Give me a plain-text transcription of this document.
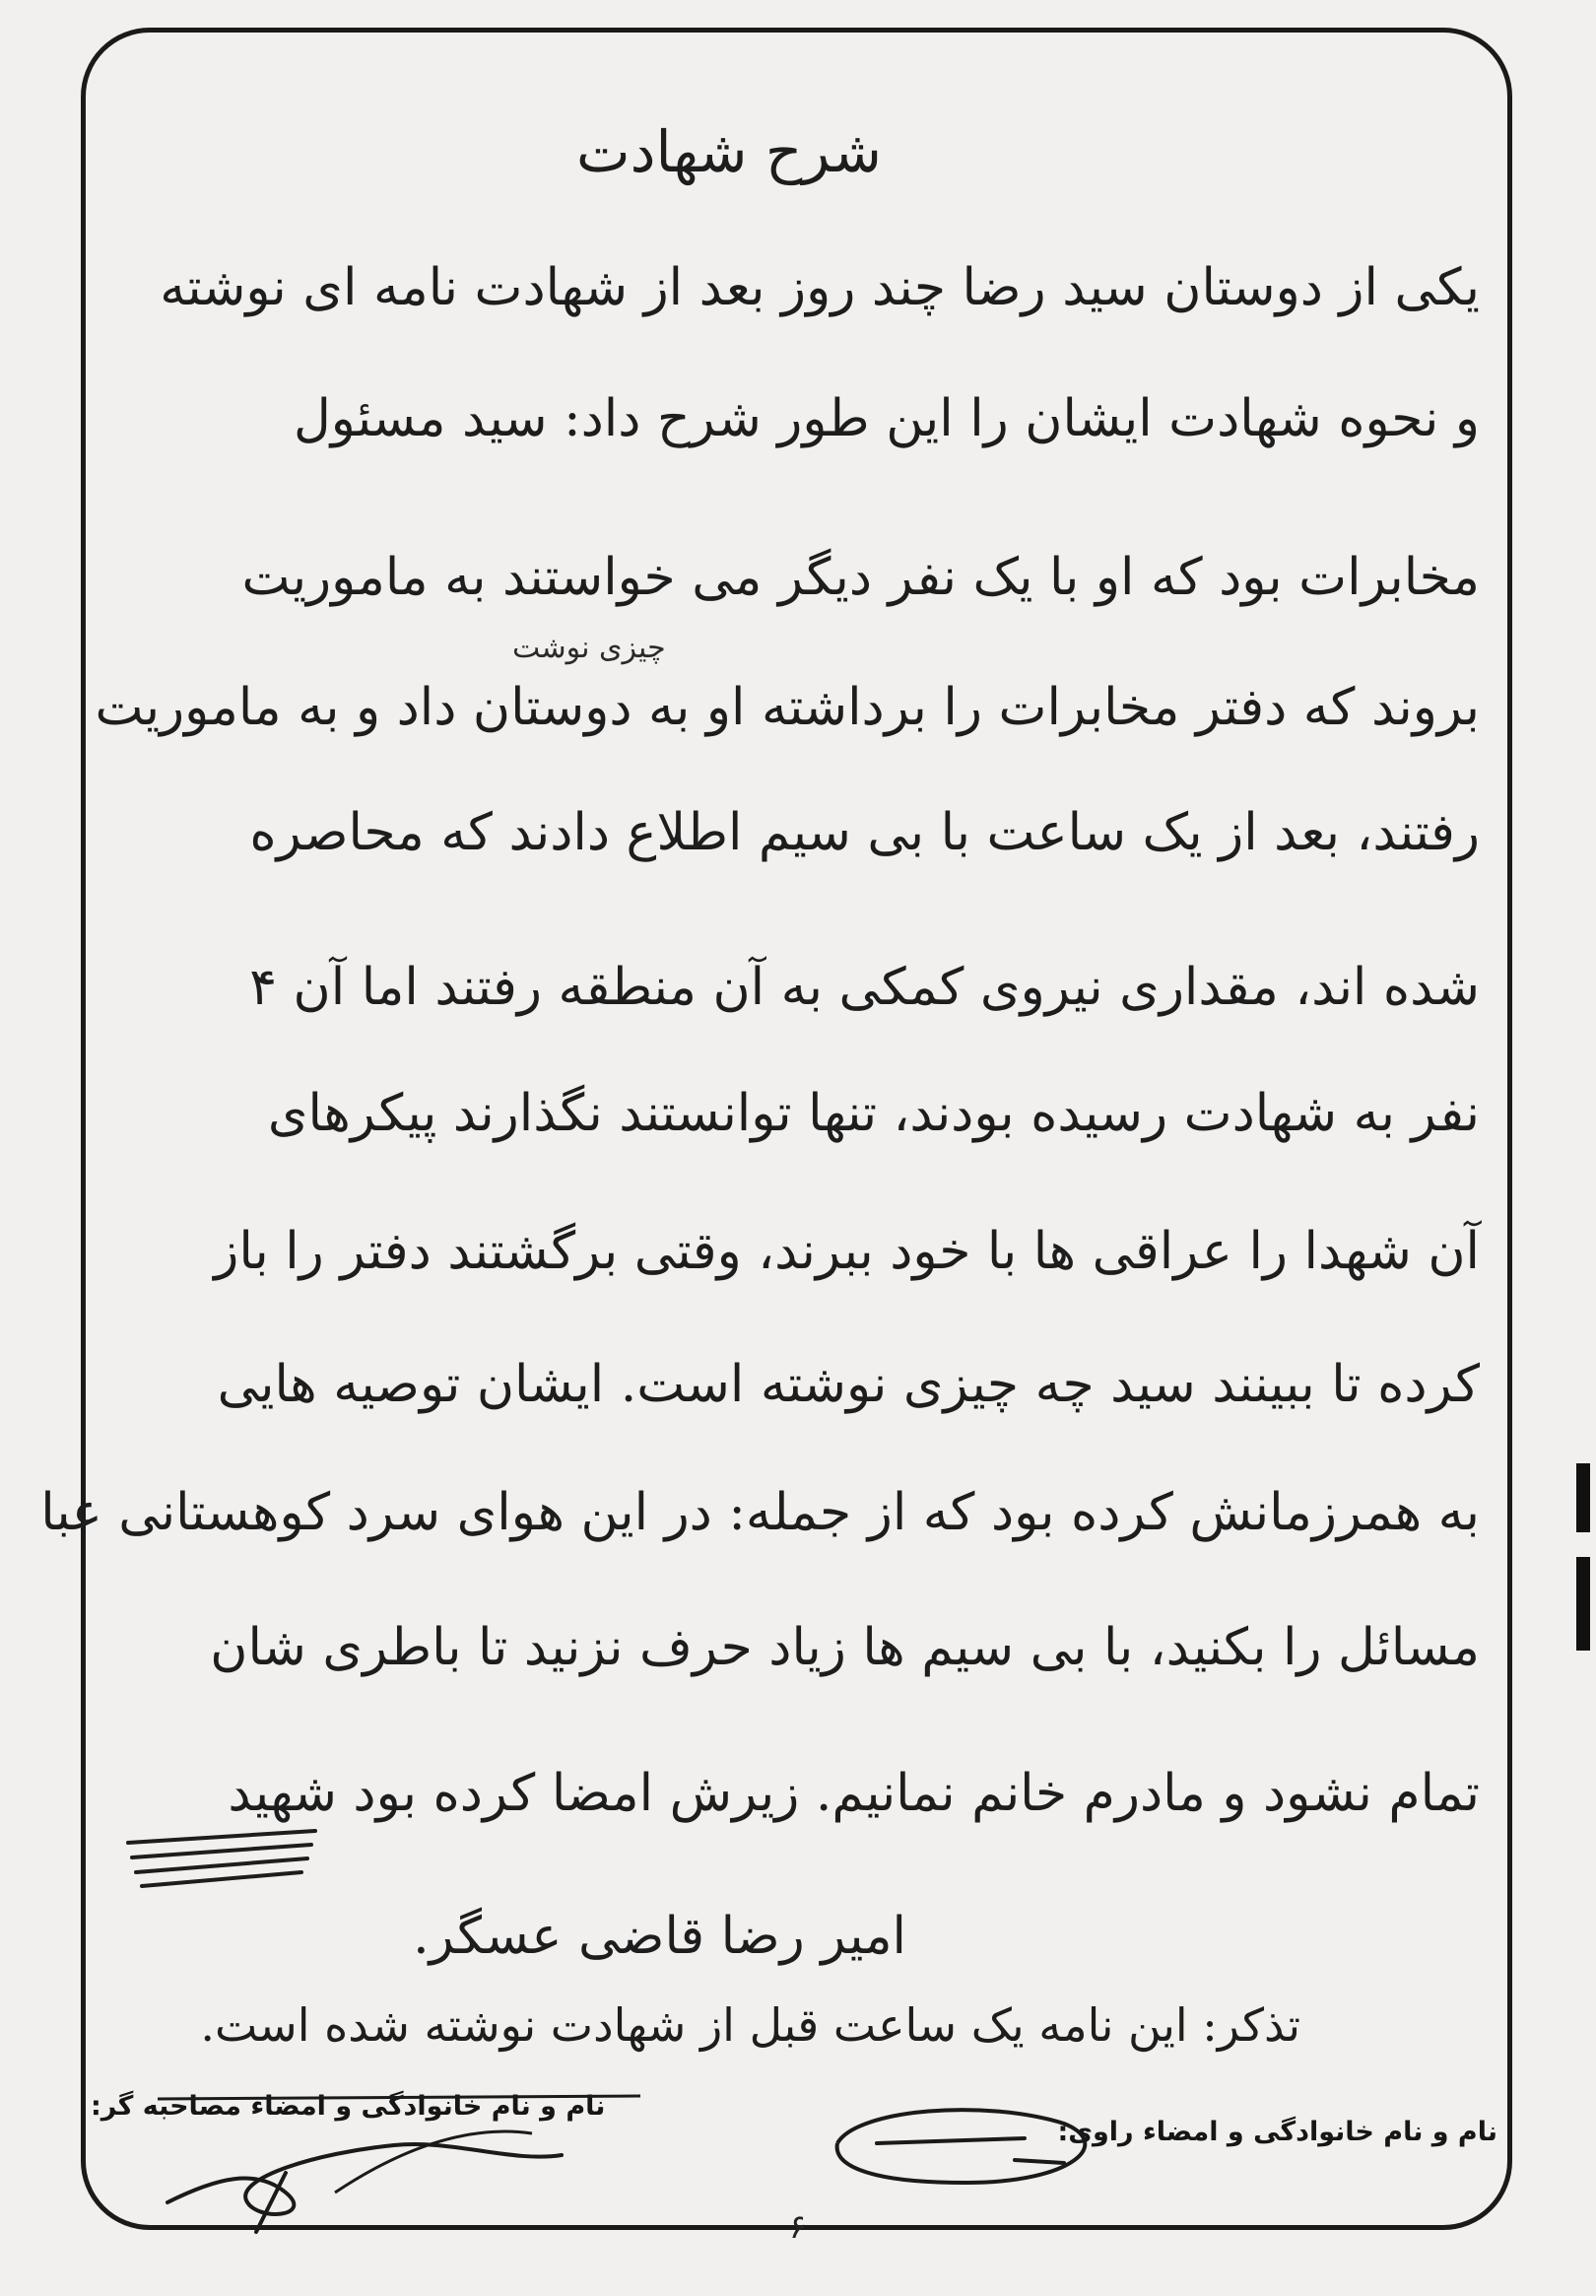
شرح شهادت
یکی از دوستان سید رضا چند روز بعد از شهادت نامه ای نوشته
و نحوه شهادت ایشان را این طور شرح داد: سید مسئول
مخابرات بود که او با یک نفر دیگر می خواستند به ماموریت
چیزی نوشت
بروند که دفتر مخابرات را برداشته او به دوستان داد و به ماموریت
رفتند، بعد از یک ساعت با بی سیم اطلاع دادند که محاصره
شده اند، مقداری نیروی کمکی به آن منطقه رفتند اما آن ۴
نفر به شهادت رسیده بودند، تنها توانستند نگذارند پیکرهای
آن شهدا را عراقی ها با خود ببرند، وقتی برگشتند دفتر را باز
کرده تا ببینند سید چه چیزی نوشته است. ایشان توصیه هایی
به همرزمانش کرده بود که از جمله: در این هوای سرد کوهستانی عبا
مسائل را بکنید، با بی سیم ها زیاد حرف نزنید تا باطری شان
تمام نشود و مادرم خانم نمانیم. زیرش امضا کرده بود شهید
امیر رضا قاضی عسگر.
تذکر: این نامه یک ساعت قبل از شهادت نوشته شده است.
نام و نام خانوادگی و امضاء مصاحبه گر:
نام و نام خانوادگی و امضاء راوی:
۶
